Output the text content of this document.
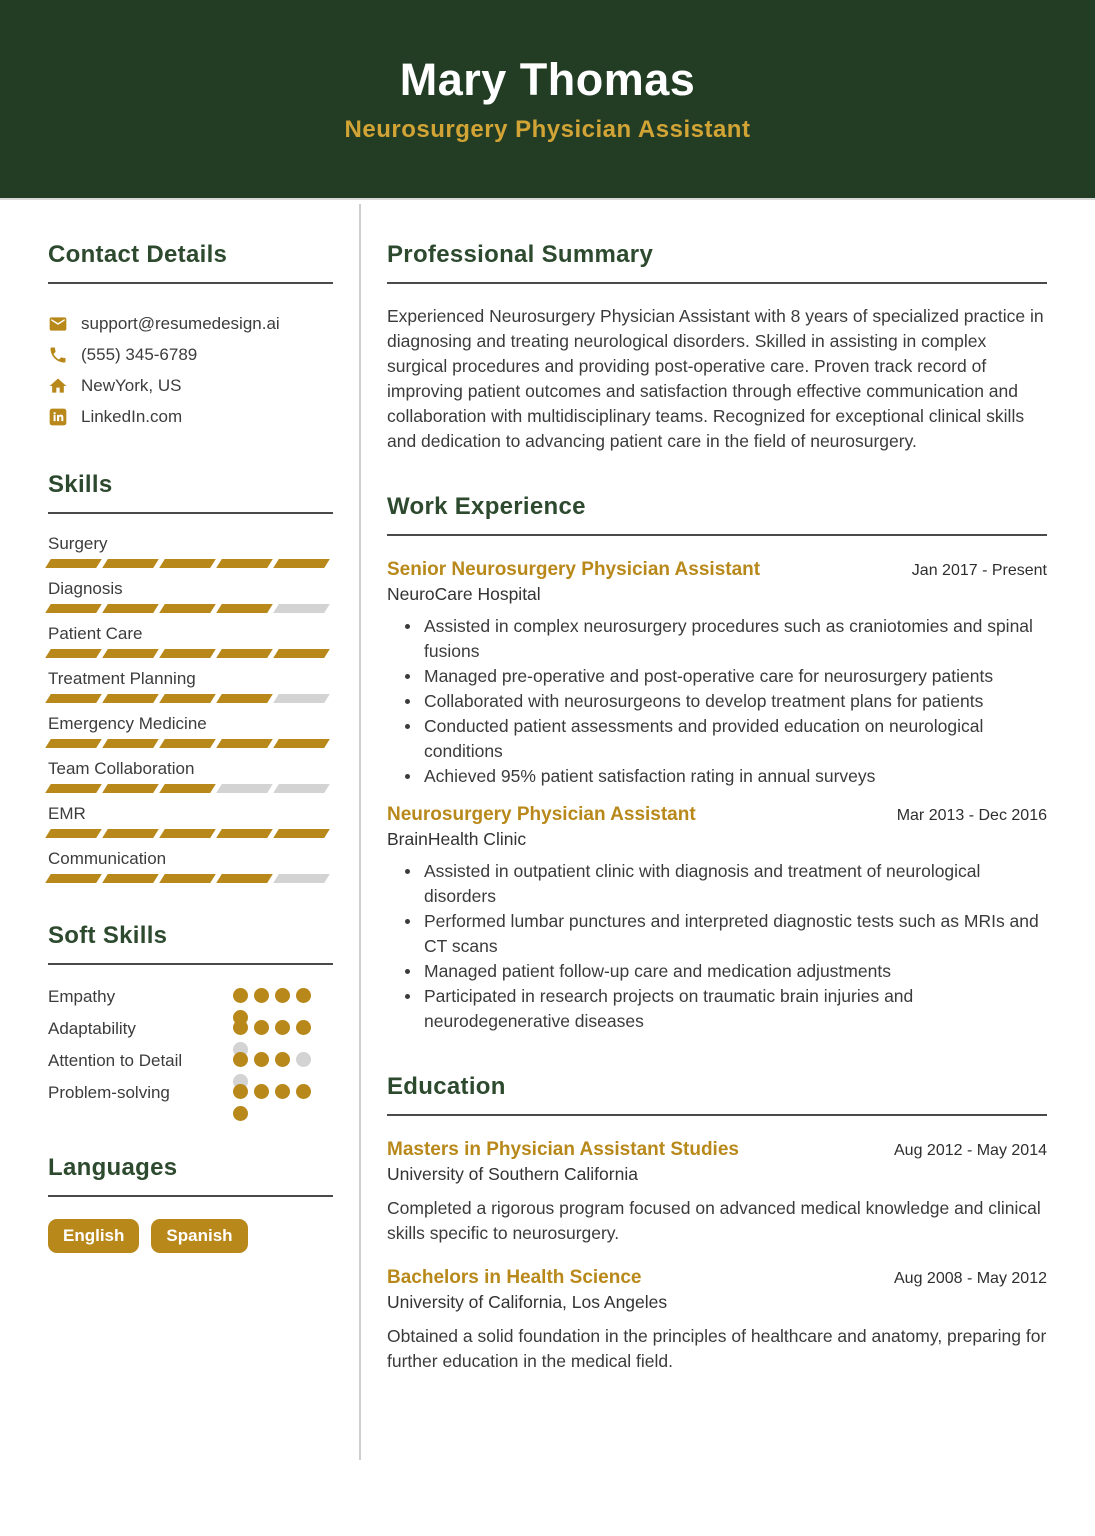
Mary Thomas
Neurosurgery Physician Assistant
Contact Details
support@resumedesign.ai
(555) 345-6789
NewYork, US
LinkedIn.com
Skills
Surgery
Diagnosis
Patient Care
Treatment Planning
Emergency Medicine
Team Collaboration
EMR
Communication
Soft Skills
Empathy
Adaptability
Attention to Detail
Problem-solving
Languages
English	Spanish
Professional Summary

Experienced Neurosurgery Physician Assistant with 8 years of specialized practice in diagnosing and treating neurological disorders. Skilled in assisting in complex surgical procedures and providing post-operative care. Proven track record of improving patient outcomes and satisfaction through effective communication and collaboration with multidisciplinary teams. Recognized for exceptional clinical skills and dedication to advancing patient care in the field of neurosurgery.

Work Experience
Senior Neurosurgery Physician Assistant	Jan 2017 - Present
NeuroCare Hospital
Assisted in complex neurosurgery procedures such as craniotomies and spinal fusions
Managed pre-operative and post-operative care for neurosurgery patients
Collaborated with neurosurgeons to develop treatment plans for patients
Conducted patient assessments and provided education on neurological conditions
Achieved 95% patient satisfaction rating in annual surveys
Neurosurgery Physician Assistant	Mar 2013 - Dec 2016
BrainHealth Clinic
Assisted in outpatient clinic with diagnosis and treatment of neurological disorders
Performed lumbar punctures and interpreted diagnostic tests such as MRIs and CT scans
Managed patient follow-up care and medication adjustments
Participated in research projects on traumatic brain injuries and neurodegenerative diseases
Education
Masters in Physician Assistant Studies	Aug 2012 - May 2014
University of Southern California

Completed a rigorous program focused on advanced medical knowledge and clinical skills specific to neurosurgery.

Bachelors in Health Science	Aug 2008 - May 2012
University of California, Los Angeles

Obtained a solid foundation in the principles of healthcare and anatomy, preparing for further education in the medical field.
